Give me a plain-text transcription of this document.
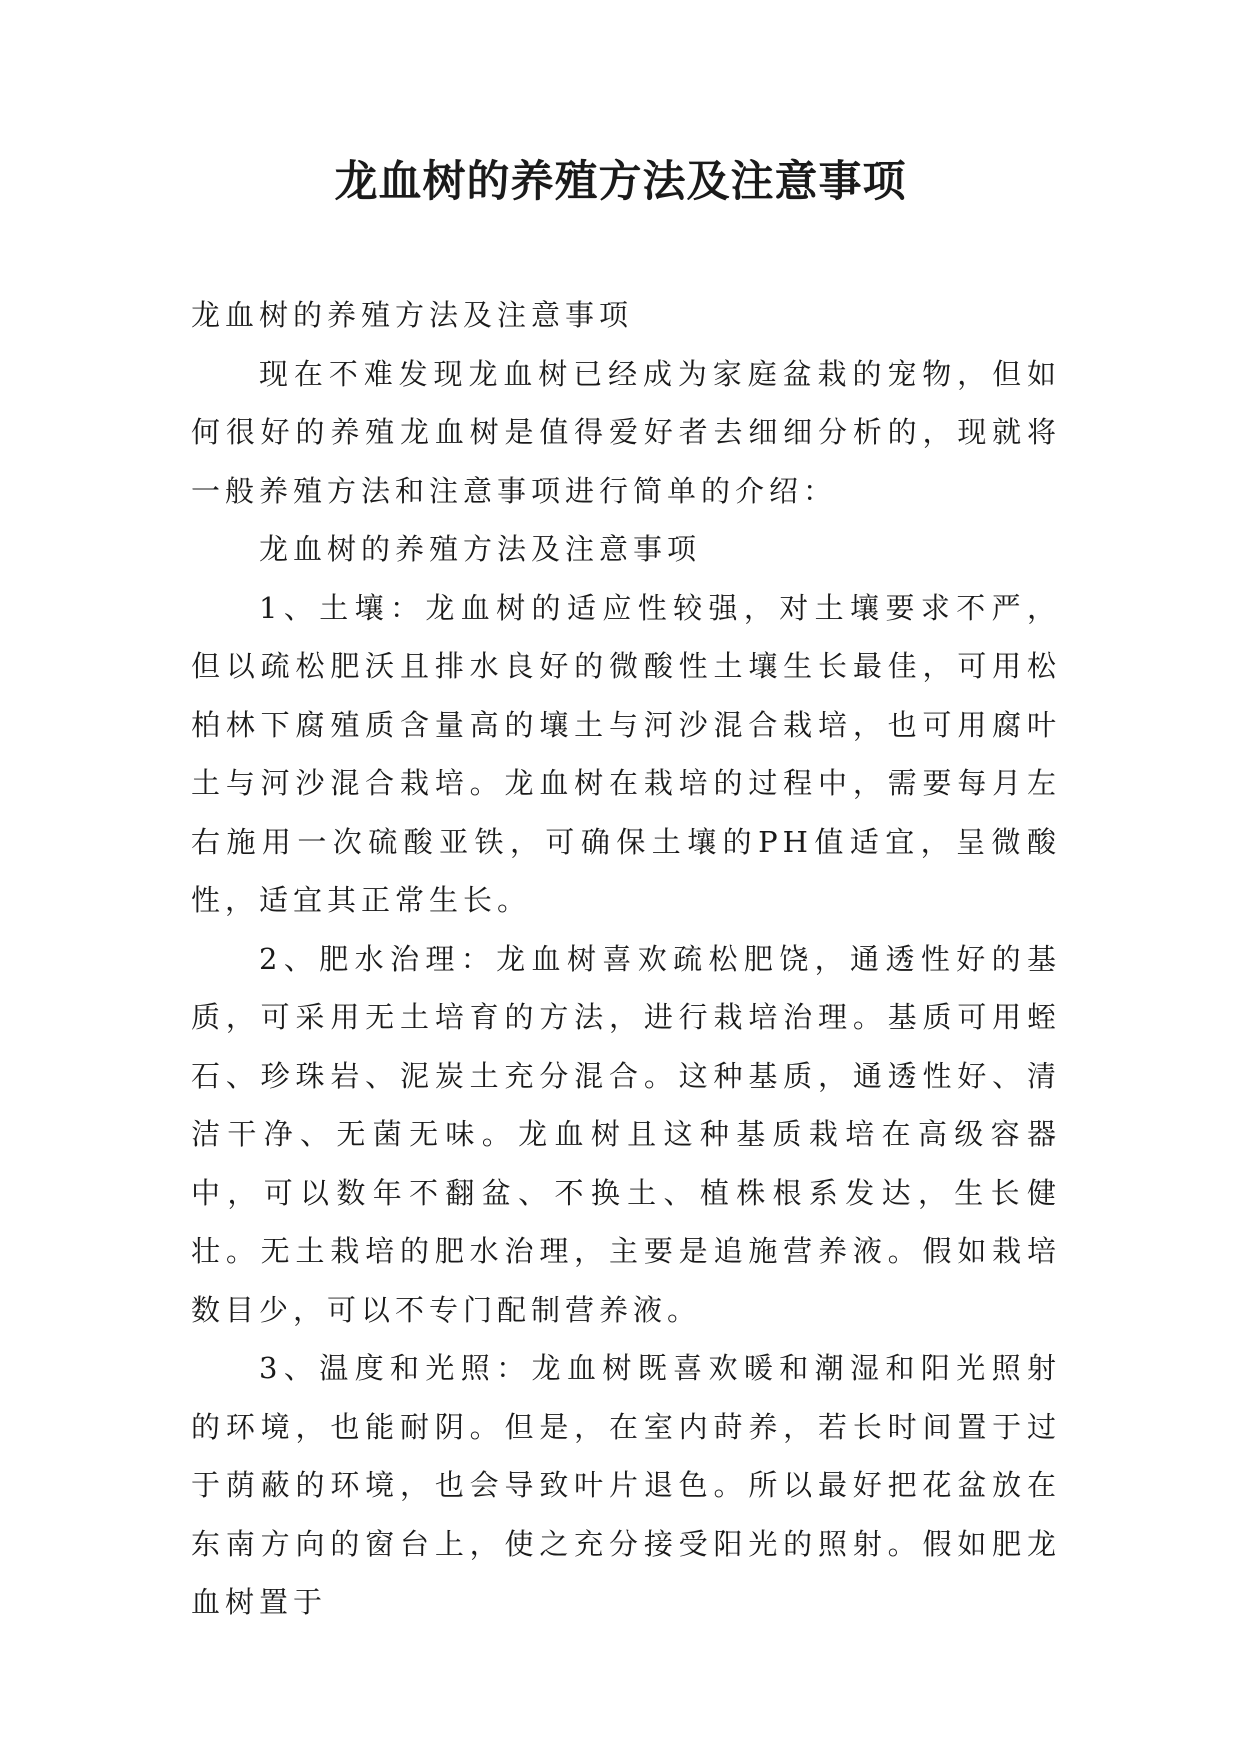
龙血树的养殖方法及注意事项

龙血树的养殖方法及注意事项

现在不难发现龙血树已经成为家庭盆栽的宠物，但如何很好的养殖龙血树是值得爱好者去细细分析的，现就将一般养殖方法和注意事项进行简单的介绍：

龙血树的养殖方法及注意事项

1、土壤：龙血树的适应性较强，对土壤要求不严，但以疏松肥沃且排水良好的微酸性土壤生长最佳，可用松柏林下腐殖质含量高的壤土与河沙混合栽培，也可用腐叶土与河沙混合栽培。龙血树在栽培的过程中，需要每月左右施用一次硫酸亚铁，可确保土壤的PH值适宜，呈微酸性，适宜其正常生长。

2、肥水治理：龙血树喜欢疏松肥饶，通透性好的基质，可采用无土培育的方法，进行栽培治理。基质可用蛭石、珍珠岩、泥炭土充分混合。这种基质，通透性好、清洁干净、无菌无味。龙血树且这种基质栽培在高级容器中，可以数年不翻盆、不换土、植株根系发达，生长健壮。无土栽培的肥水治理，主要是追施营养液。假如栽培数目少，可以不专门配制营养液。

3、温度和光照：龙血树既喜欢暖和潮湿和阳光照射的环境，也能耐阴。但是，在室内莳养，若长时间置于过于荫蔽的环境，也会导致叶片退色。所以最好把花盆放在东南方向的窗台上，使之充分接受阳光的照射。假如肥龙血树置于
